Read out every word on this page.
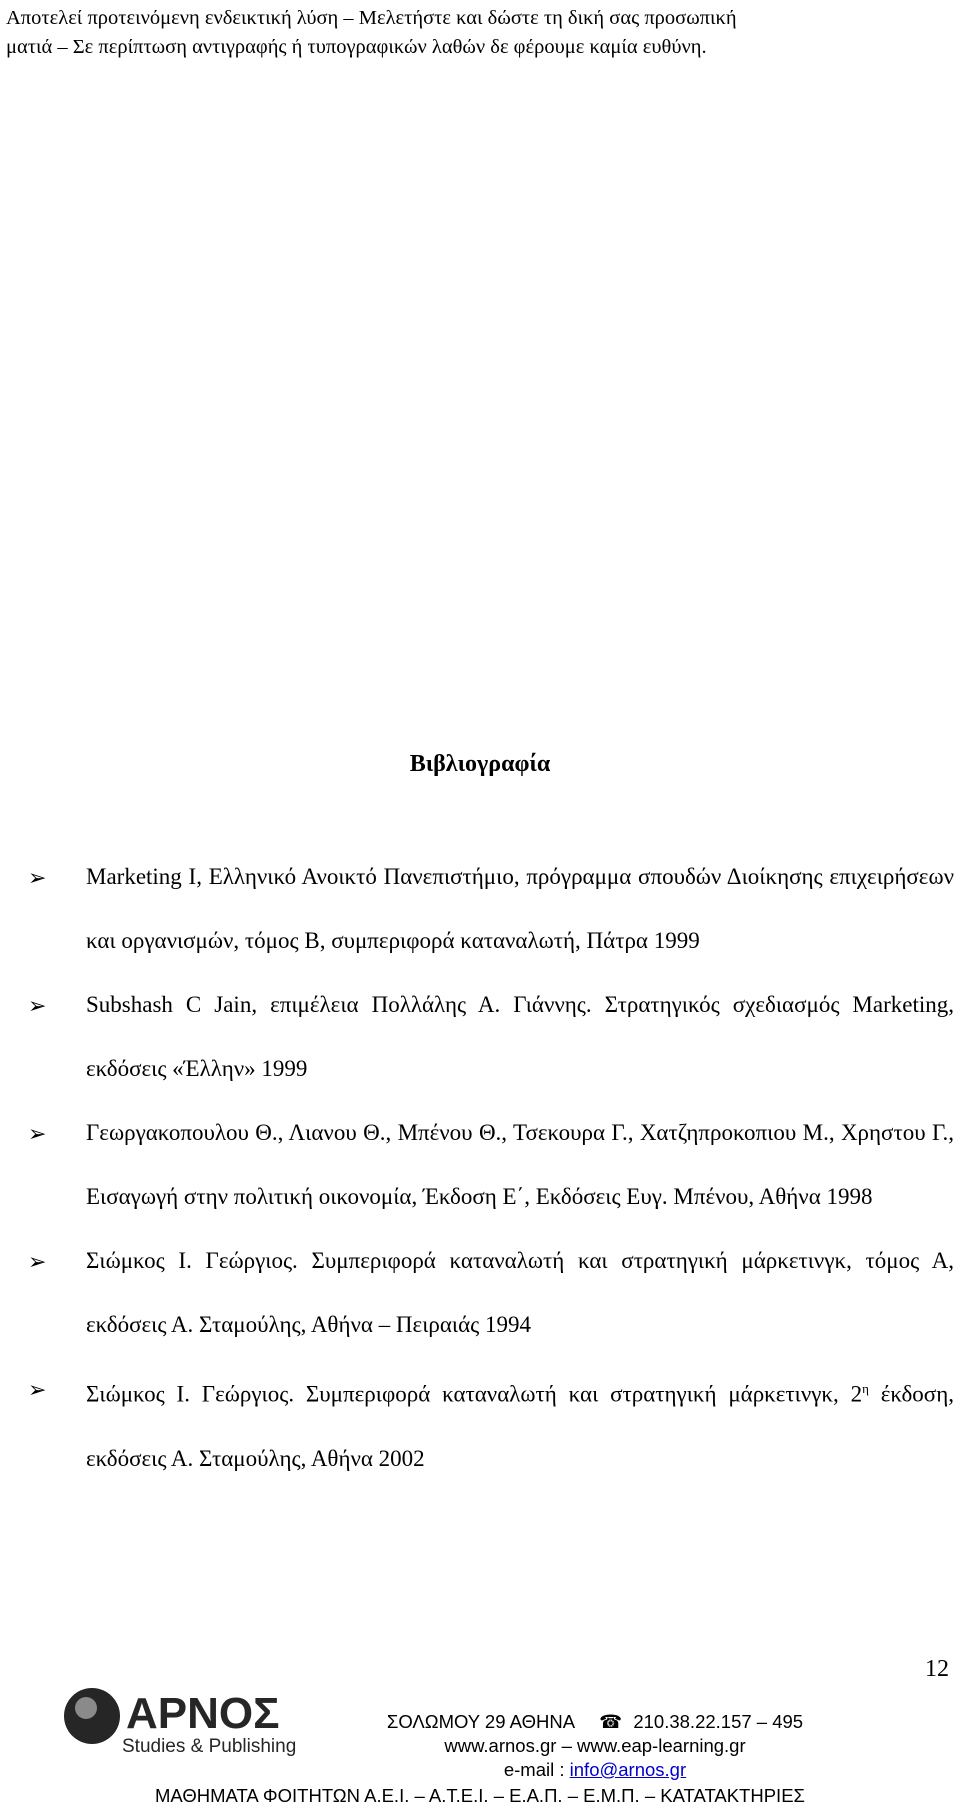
Αποτελεί προτεινόμενη ενδεικτική λύση – Μελετήστε και δώστε τη δική σας προσωπική
ματιά – Σε περίπτωση αντιγραφής ή τυπογραφικών λαθών δε φέρουμε καμία ευθύνη.
Βιβλιογραφία
➢ Marketing I, Ελληνικό Ανοικτό Πανεπιστήμιο, πρόγραμμα σπουδών Διοίκησης επιχειρήσεων και οργανισμών, τόμος Β, συμπεριφορά καταναλωτή, Πάτρα 1999
➢ Subshash C Jain, επιμέλεια Πολλάλης Α. Γιάννης. Στρατηγικός σχεδιασμός Marketing, εκδόσεις «Έλλην» 1999
➢ Γεωργακοπουλου Θ., Λιανου Θ., Μπένου Θ., Τσεκουρα Γ., Χατζηπροκοπιου Μ., Χρηστου Γ., Εισαγωγή στην πολιτική οικονομία, Έκδοση Ε΄, Εκδόσεις Ευγ. Μπένου, Αθήνα 1998
➢ Σιώμκος Ι. Γεώργιος. Συμπεριφορά καταναλωτή και στρατηγική μάρκετινγκ, τόμος Α, εκδόσεις Α. Σταμούλης, Αθήνα – Πειραιάς 1994
➢ Σιώμκος Ι. Γεώργιος. Συμπεριφορά καταναλωτή και στρατηγική μάρκετινγκ, $2^\eta$ έκδοση, εκδόσεις Α. Σταμούλης, Αθήνα 2002
12
ΑΡΝΟΣ
Studies & Publishing
ΣΟΛΩΜΟΥ 29 ΑΘΗΝΑ ☎ 210.38.22.157 – 495
www.arnos.gr – www.eap-learning.gr
e-mail : info@arnos.gr
ΜΑΘΗΜΑΤΑ ΦΟΙΤΗΤΩΝ Α.Ε.Ι. – Α.Τ.Ε.Ι. – Ε.Α.Π. – Ε.Μ.Π. – ΚΑΤΑΤΑΚΤΗΡΙΕΣ
